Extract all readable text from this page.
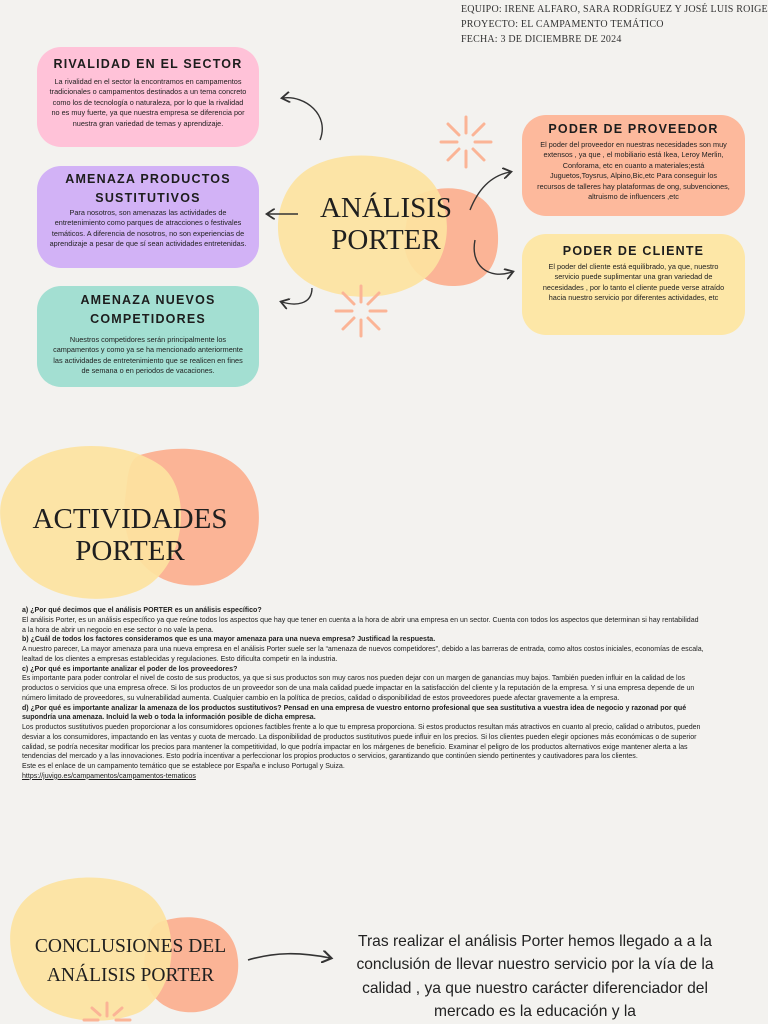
EQUIPO: IRENE ALFARO, SARA RODRÍGUEZ Y JOSÉ LUIS ROIGE
PROYECTO: EL CAMPAMENTO TEMÁTICO
FECHA: 3 DE DICIEMBRE DE 2024
ANÁLISIS
PORTER
RIVALIDAD EN EL SECTOR

La rivalidad en el sector la encontramos en campamentos tradicionales o campamentos destinados a un tema concreto como los de tecnología o naturaleza, por lo que la rivalidad no es muy fuerte, ya que nuestra empresa se diferencia por nuestra gran variedad de temas y aprendizaje.

AMENAZA PRODUCTOS SUSTITUTIVOS

Para nosotros, son amenazas las actividades de entretenimiento como parques de atracciones o festivales temáticos. A diferencia de nosotros, no son experiencias de aprendizaje a pesar de que sí sean actividades entretenidas.

AMENAZA NUEVOS COMPETIDORES

Nuestros competidores serán principalmente los campamentos y como ya se ha mencionado anteriormente las actividades de entretenimiento que se realicen en fines de semana o en periodos de vacaciones.

PODER DE PROVEEDOR

El poder del proveedor en nuestras necesidades son muy extensos , ya que , el mobiliario está Ikea, Leroy Merlin, Conforama, etc en cuanto a materiales;está Juguetos,Toysrus, Alpino,Bic,etc Para conseguir los recursos de talleres hay plataformas de ong, subvenciones, altruismo de influencers ,etc

PODER DE CLIENTE

El poder del cliente está equilibrado, ya que, nuestro servicio puede suplimentar una gran variedad de necesidades , por lo tanto el cliente puede verse atraído hacia nuestro servicio por diferentes actividades, etc

ACTIVIDADES
PORTER
a) ¿Por qué decimos que el análisis PORTER es un análisis específico?
El análisis Porter, es un análisis específico ya que reúne todos los aspectos que hay que tener en cuenta a la hora de abrir una empresa en un sector. Cuenta con todos los aspectos que determinan si hay rentabilidad a la hora de abrir un negocio en ese sector o no vale la pena.
b) ¿Cuál de todos los factores consideramos que es una mayor amenaza para una nueva empresa? Justificad la respuesta.
A nuestro parecer, La mayor amenaza para una nueva empresa en el análisis Porter suele ser la “amenaza de nuevos competidores”, debido a las barreras de entrada, como altos costos iniciales, economías de escala, lealtad de los clientes a empresas establecidas y regulaciones. Esto dificulta competir en la industria.
c) ¿Por qué es importante analizar el poder de los proveedores?
Es importante para poder controlar el nivel de costo de sus productos, ya que si sus productos son muy caros nos pueden dejar con un margen de ganancias muy bajos. También pueden influir en la calidad de los productos o servicios que una empresa ofrece. Si los productos de un proveedor son de una mala calidad puede impactar en la satisfacción del cliente y la reputación de la empresa. Y si una empresa depende de un número limitado de proveedores, su vulnerabilidad aumenta. Cualquier cambio en la política de precios, calidad o disponibilidad de estos proveedores puede afectar gravemente a la empresa.
d) ¿Por qué es importante analizar la amenaza de los productos sustitutivos? Pensad en una empresa de vuestro entorno profesional que sea sustitutiva a vuestra idea de negocio y razonad por qué supondría una amenaza. Incluid la web o toda la información posible de dicha empresa.
Los productos sustitutivos pueden proporcionar a los consumidores opciones factibles frente a lo que tu empresa proporciona. Si estos productos resultan más atractivos en cuanto al precio, calidad o atributos, pueden desviar a los consumidores, impactando en las ventas y cuota de mercado. La disponibilidad de productos sustitutivos puede influir en los precios. Si los clientes pueden elegir opciones más económicas o de superior calidad, se podría necesitar modificar los precios para mantener la competitividad, lo que podría impactar en los márgenes de beneficio. Examinar el peligro de los productos alternativos exige mantener alerta a las tendencias del mercado y a las innovaciones. Esto podría incentivar a perfeccionar los propios productos o servicios, garantizando que continúen siendo pertinentes y cautivadores para los clientes.
Este es el enlace de un campamento temático que se establece por España e incluso Portugal y Suiza.
https://juvigo.es/campamentos/campamentos-tematicos
CONCLUSIONES DEL
ANÁLISIS PORTER
Tras realizar el análisis Porter hemos llegado a a la conclusión de llevar nuestro servicio por la vía de la calidad , ya que nuestro carácter diferenciador del mercado es la educación y la
